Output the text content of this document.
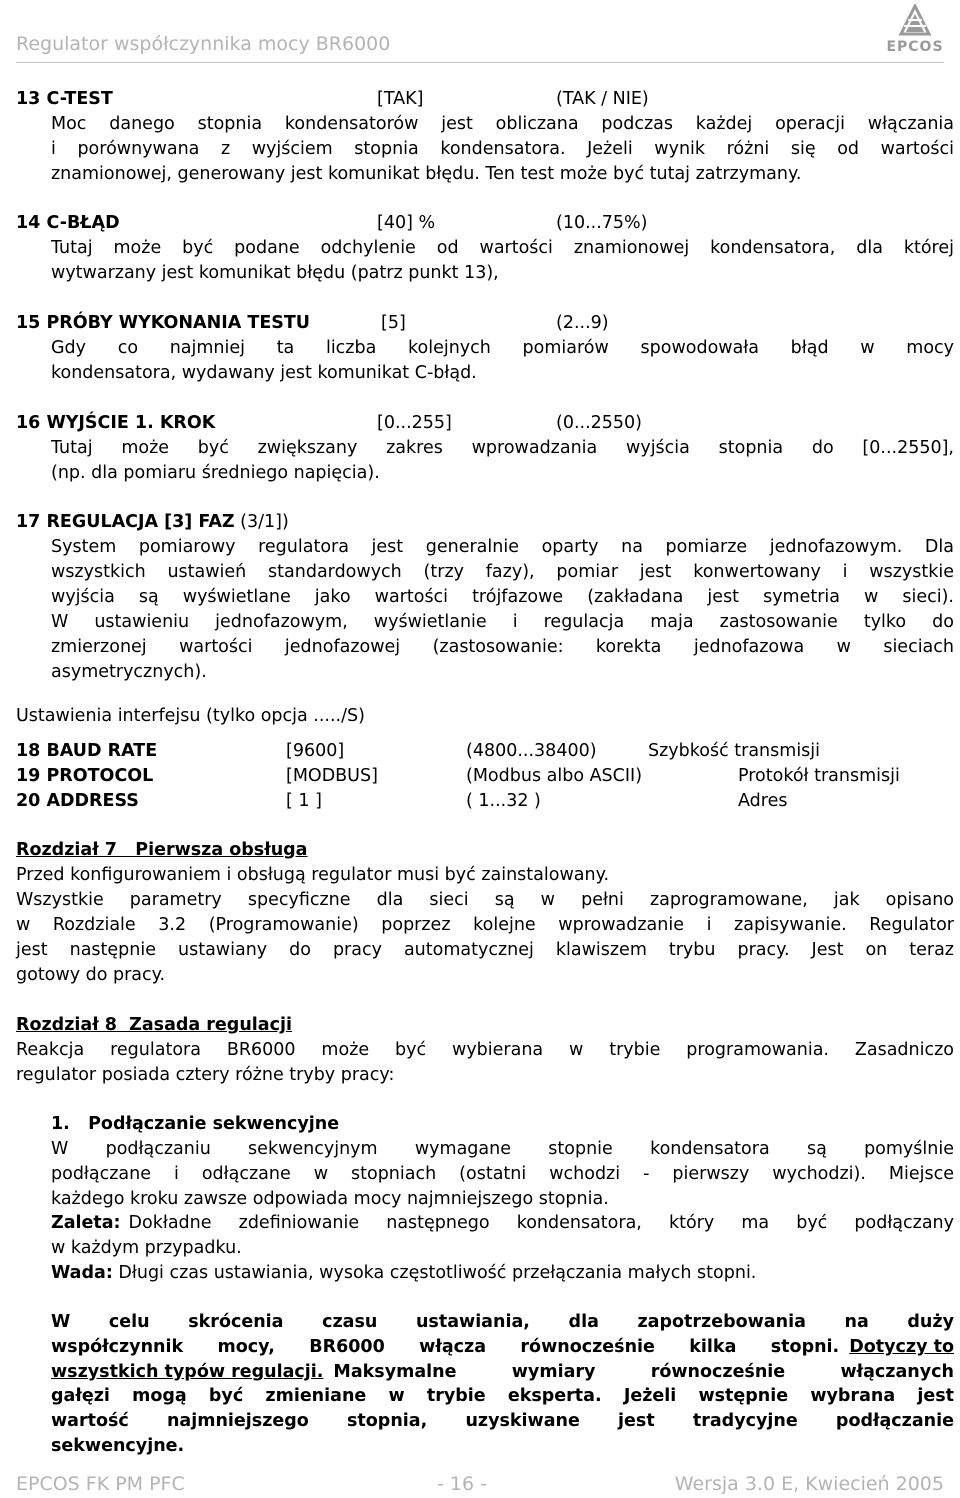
Regulator współczynnika mocy BR6000	EPCOS
13 C-TEST	[TAK]	(TAK / NIE)
Moc danego stopnia kondensatorów jest obliczana podczas każdej operacji włączania
i porównywana z wyjściem stopnia kondensatora. Jeżeli wynik różni się od wartości
znamionowej, generowany jest komunikat błędu. Ten test może być tutaj zatrzymany.
14 C-BŁĄD	[40] %	(10...75%)
Tutaj może być podane odchylenie od wartości znamionowej kondensatora, dla której
wytwarzany jest komunikat błędu (patrz punkt 13),
15 PRÓBY WYKONANIA TESTU	[5]	(2...9)
Gdy co najmniej ta liczba kolejnych pomiarów spowodowała błąd w mocy
kondensatora, wydawany jest komunikat C-błąd.
16 WYJŚCIE 1. KROK	[0...255]	(0...2550)
Tutaj może być zwiększany zakres wprowadzania wyjścia stopnia do [0...2550],
(np. dla pomiaru średniego napięcia).
17 REGULACJA [3] FAZ (3/1])
System pomiarowy regulatora jest generalnie oparty na pomiarze jednofazowym. Dla
wszystkich ustawień standardowych (trzy fazy), pomiar jest konwertowany i wszystkie
wyjścia są wyświetlane jako wartości trójfazowe (zakładana jest symetria w sieci).
W ustawieniu jednofazowym, wyświetlanie i regulacja maja zastosowanie tylko do
zmierzonej wartości jednofazowej (zastosowanie: korekta jednofazowa w sieciach
asymetrycznych).
Ustawienia interfejsu (tylko opcja ...../S)
18 BAUD RATE	[9600]	(4800...38400)	Szybkość transmisji
19 PROTOCOL	[MODBUS]	(Modbus albo ASCII)	Protokół transmisji
20 ADDRESS	[ 1 ]	( 1...32 )	Adres
Rozdział 7   Pierwsza obsługa
Przed konfigurowaniem i obsługą regulator musi być zainstalowany.
Wszystkie parametry specyficzne dla sieci są w pełni zaprogramowane, jak opisano
w Rozdziale 3.2 (Programowanie) poprzez kolejne wprowadzanie i zapisywanie. Regulator
jest następnie ustawiany do pracy automatycznej klawiszem trybu pracy. Jest on teraz
gotowy do pracy.
Rozdział 8  Zasada regulacji
Reakcja regulatora BR6000 może być wybierana w trybie programowania. Zasadniczo
regulator posiada cztery różne tryby pracy:
1.   Podłączanie sekwencyjne
W podłączaniu sekwencyjnym wymagane stopnie kondensatora są pomyślnie
podłączane i odłączane w stopniach (ostatni wchodzi - pierwszy wychodzi). Miejsce
każdego kroku zawsze odpowiada mocy najmniejszego stopnia.
Zaleta: Dokładne zdefiniowanie następnego kondensatora, który ma być podłączany
w każdym przypadku.
Wada: Długi czas ustawiania, wysoka częstotliwość przełączania małych stopni.
W celu skrócenia czasu ustawiania, dla zapotrzebowania na duży
współczynnik mocy, BR6000 włącza równocześnie kilka stopni. Dotyczy to
wszystkich typów regulacji. Maksymalne wymiary równocześnie włączanych
gałęzi mogą być zmieniane w trybie eksperta. Jeżeli wstępnie wybrana jest
wartość najmniejszego stopnia, uzyskiwane jest tradycyjne podłączanie
sekwencyjne.
EPCOS FK PM PFC	- 16 -	Wersja 3.0 E, Kwiecień 2005
